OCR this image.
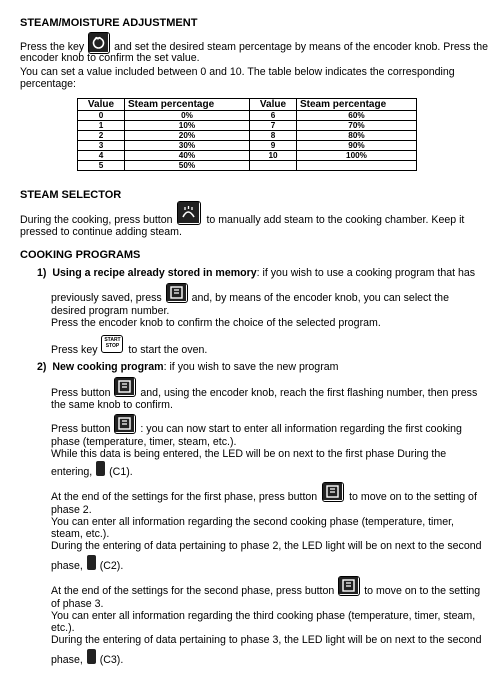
STEAM/MOISTURE ADJUSTMENT
Press the key	and set the desired steam percentage by means of the encoder knob. Press the
encoder knob to confirm the set value.
You can set a value included between 0 and 10. The table below indicates the corresponding
percentage:
Value	Steam percentage	Value	Steam percentage
0	0%	6	60%
1	10%	7	70%
2	20%	8	80%
3	30%	9	90%
4	40%	10	100%
5	50%		
STEAM SELECTOR
During the cooking, press button	to manually add steam to the cooking chamber. Keep it
pressed to continue adding steam.
COOKING PROGRAMS
1) Using a recipe already stored in memory: if you wish to use a cooking program that has
previously saved, press	and, by means of the encoder knob, you can select the
desired program number.
Press the encoder knob to confirm the choice of the selected program.
Press key
START
STOP to start the oven.
2) New cooking program: if you wish to save the new program
Press button	and, using the encoder knob, reach the first flashing number, then press
the same knob to confirm.
Press button	: you can now start to enter all information regarding the first cooking
phase (temperature, timer, steam, etc.).
While this data is being entered, the LED will be on next to the first phase During the
entering, (C1).
At the end of the settings for the first phase, press button	to move on to the setting of
phase 2.
You can enter all information regarding the second cooking phase (temperature, timer,
steam, etc.).
During the entering of data pertaining to phase 2, the LED light will be on next to the second
phase, (C2).
At the end of the settings for the second phase, press button	to move on to the setting
of phase 3.
You can enter all information regarding the third cooking phase (temperature, timer, steam,
etc.).
During the entering of data pertaining to phase 3, the LED light will be on next to the second
phase, (C3).
